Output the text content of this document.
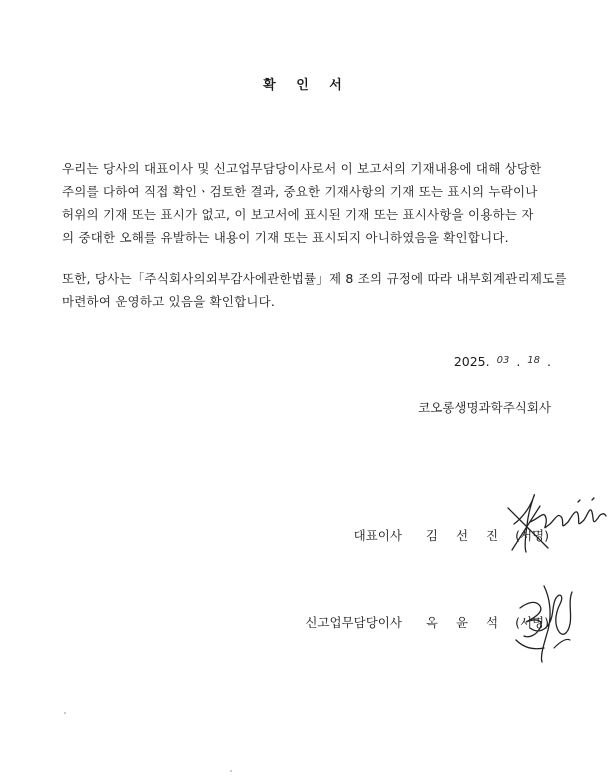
확 인 서
우리는 당사의 대표이사 및 신고업무담당이사로서 이 보고서의 기재내용에 대해 상당한
주의를 다하여 직접 확인ㆍ검토한 결과, 중요한 기재사항의 기재 또는 표시의 누락이나
허위의 기재 또는 표시가 없고, 이 보고서에 표시된 기재 또는 표시사항을 이용하는 자
의 중대한 오해를 유발하는 내용이 기재 또는 표시되지 아니하였음을 확인합니다.
또한, 당사는「주식회사의외부감사에관한법률」제 8 조의 규정에 따라 내부회계관리제도를
마련하여 운영하고 있음을 확인합니다.
2025. $^{03}$ . $^{18}$ .
코오롱생명과학주식회사
대표이사 김 선 진 (서명)
신고업무담당이사 옥 윤 석 (서명)
